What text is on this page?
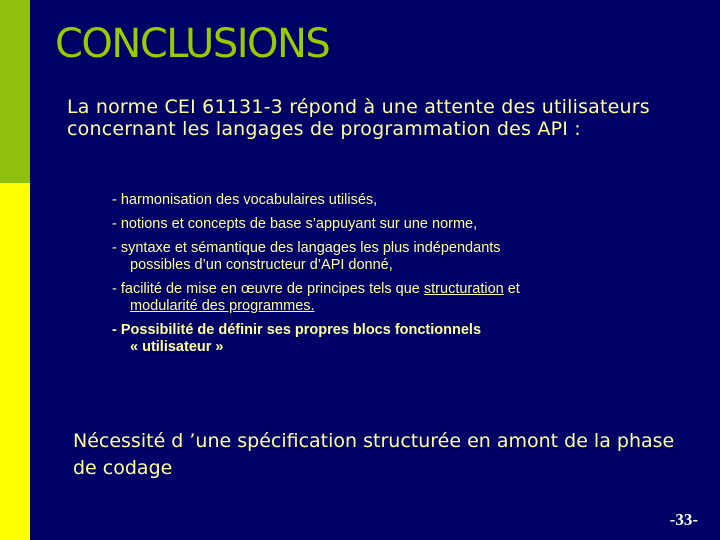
CONCLUSIONS
La norme CEI 61131-3 répond à une attente des utilisateurs concernant les langages de programmation des API :
- harmonisation des vocabulaires utilisés,
- notions et concepts de base s’appuyant sur une norme,
- syntaxe et sémantique des langages les plus indépendants
possibles d’un constructeur d’API donné,
- facilité de mise en œuvre de principes tels que structuration et
modularité des programmes.
- Possibilité de définir ses propres blocs fonctionnels
« utilisateur »
Nécessité d ’une spécification structurée en amont de la phase de codage
-33-
